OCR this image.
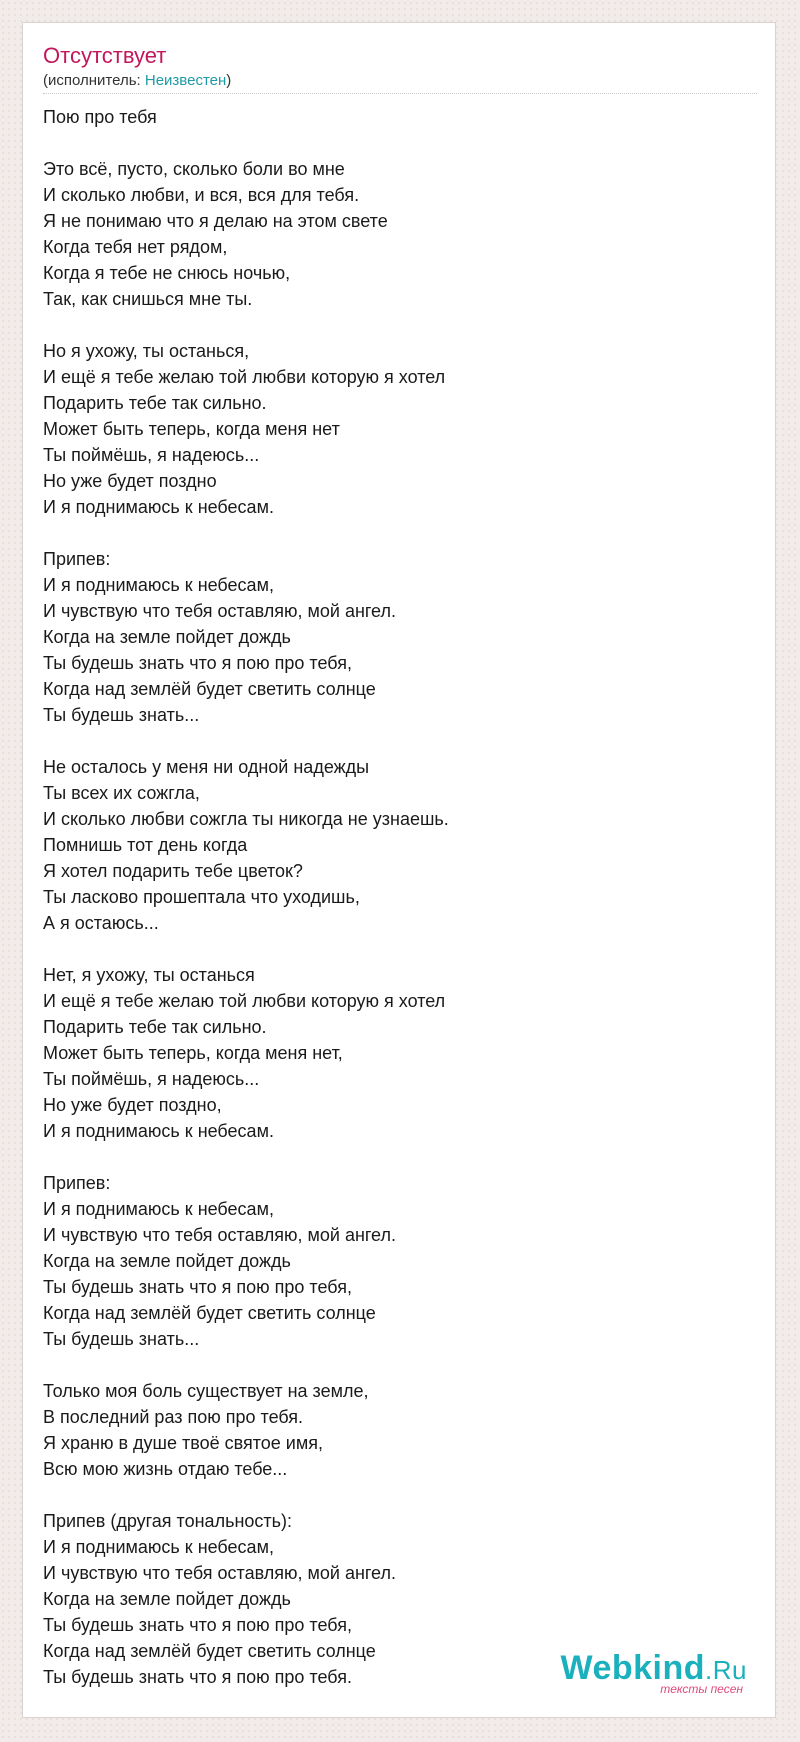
Отсутствует
(исполнитель: Неизвестен)
Пою про тебя
Это всё, пусто, сколько боли во мне
И сколько любви, и вся, вся для тебя.
Я не понимаю что я делаю на этом свете
Когда тебя нет рядом,
Когда я тебе не снюсь ночью,
Так, как снишься мне ты.
Но я ухожу, ты останься,
И ещё я тебе желаю той любви которую я хотел
Подарить тебе так сильно.
Может быть теперь, когда меня нет
Ты поймёшь, я надеюсь...
Но уже будет поздно
И я поднимаюсь к небесам.
Припев:
И я поднимаюсь к небесам,
И чувствую что тебя оставляю, мой ангел.
Когда на земле пойдет дождь
Ты будешь знать что я пою про тебя,
Когда над землёй будет светить солнце
Ты будешь знать...
Не осталось у меня ни одной надежды
Ты всех их сожгла,
И сколько любви сожгла ты никогда не узнаешь.
Помнишь тот день когда
Я хотел подарить тебе цветок?
Ты ласково прошептала что уходишь,
А я остаюсь...
Нет, я ухожу, ты останься
И ещё я тебе желаю той любви которую я хотел
Подарить тебе так сильно.
Может быть теперь, когда меня нет,
Ты поймёшь, я надеюсь...
Но уже будет поздно,
И я поднимаюсь к небесам.
Припев:
И я поднимаюсь к небесам,
И чувствую что тебя оставляю, мой ангел.
Когда на земле пойдет дождь
Ты будешь знать что я пою про тебя,
Когда над землёй будет светить солнце
Ты будешь знать...
Только моя боль существует на земле,
В последний раз пою про тебя.
Я храню в душе твоё святое имя,
Всю мою жизнь отдаю тебе...
Припев (другая тональность):
И я поднимаюсь к небесам,
И чувствую что тебя оставляю, мой ангел.
Когда на земле пойдет дождь
Ты будешь знать что я пою про тебя,
Когда над землёй будет светить солнце
Ты будешь знать что я пою про тебя.	Webkind.Ru
тексты песен
